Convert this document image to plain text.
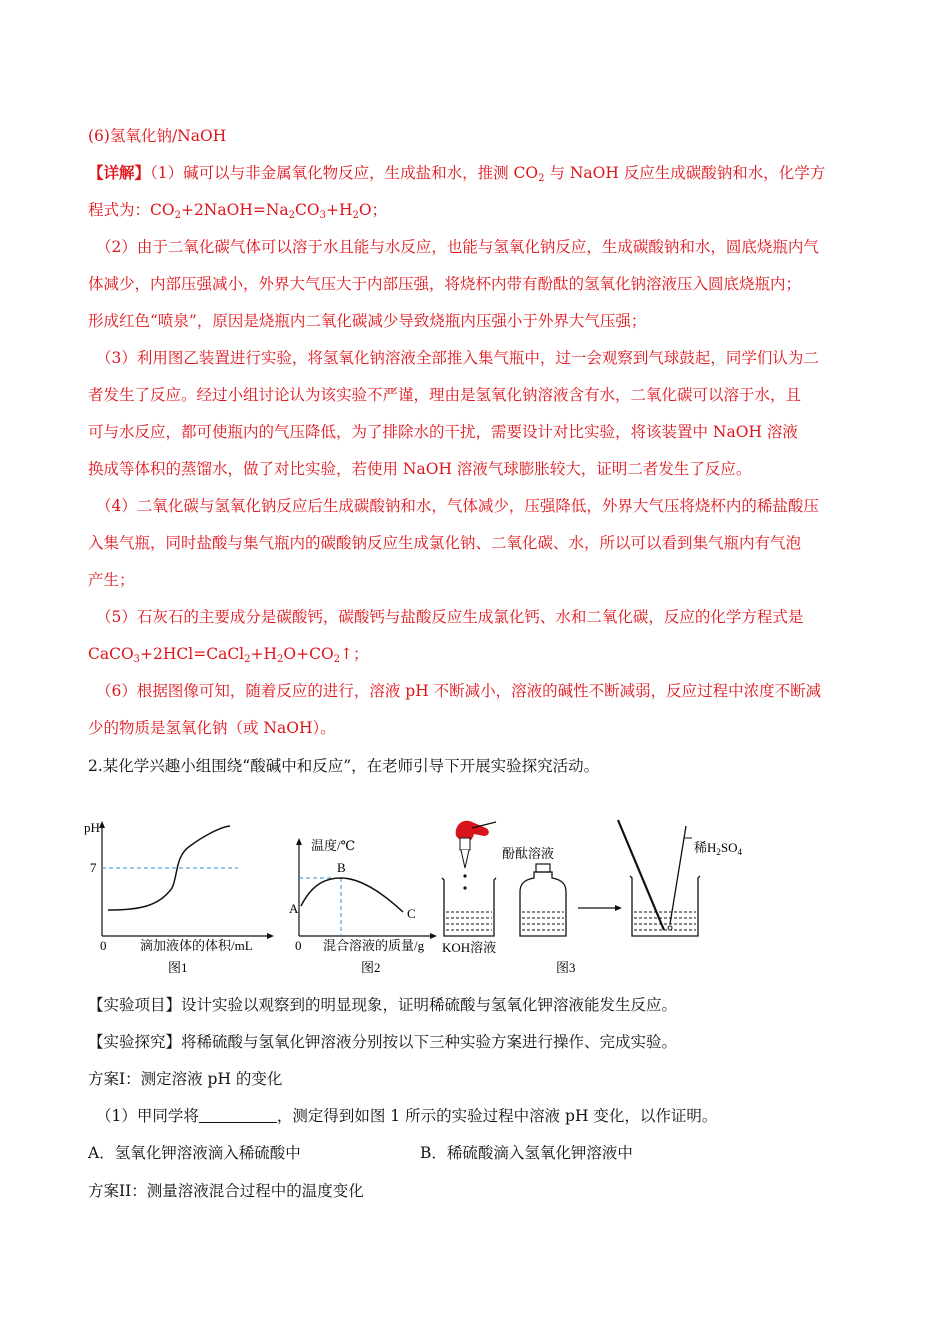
(6)氢氧化钠/NaOH
【详解】（1）碱可以与非金属氧化物反应，生成盐和水，推测 $CO_2$ 与 NaOH 反应生成碳酸钠和水，化学方
程式为：$CO_2+2NaOH=Na_2CO_3+H_2O$；
（2）由于二氧化碳气体可以溶于水且能与水反应，也能与氢氧化钠反应，生成碳酸钠和水，圆底烧瓶内气
体减少，内部压强减小，外界大气压大于内部压强，将烧杯内带有酚酞的氢氧化钠溶液压入圆底烧瓶内；
形成红色“喷泉”，原因是烧瓶内二氧化碳减少导致烧瓶内压强小于外界大气压强；
（3）利用图乙装置进行实验，将氢氧化钠溶液全部推入集气瓶中，过一会观察到气球鼓起，同学们认为二
者发生了反应。经过小组讨论认为该实验不严谨，理由是氢氧化钠溶液含有水，二氧化碳可以溶于水，且
可与水反应，都可使瓶内的气压降低，为了排除水的干扰，需要设计对比实验，将该装置中 NaOH 溶液
换成等体积的蒸馏水，做了对比实验，若使用 NaOH 溶液气球膨胀较大，证明二者发生了反应。
（4）二氧化碳与氢氧化钠反应后生成碳酸钠和水，气体减少，压强降低，外界大气压将烧杯内的稀盐酸压
入集气瓶，同时盐酸与集气瓶内的碳酸钠反应生成氯化钠、二氧化碳、水，所以可以看到集气瓶内有气泡
产生；
（5）石灰石的主要成分是碳酸钙，碳酸钙与盐酸反应生成氯化钙、水和二氧化碳，反应的化学方程式是
$CaCO_3+2HCl=CaCl_2+H_2O+CO_2↑$；
（6）根据图像可知，随着反应的进行，溶液 pH 不断减小，溶液的碱性不断减弱，反应过程中浓度不断减
少的物质是氢氧化钠（或 NaOH）。
2.某化学兴趣小组围绕“酸碱中和反应”，在老师引导下开展实验探究活动。
pH
7
0	滴加液体的体积/mL
图1
温度/℃
B
A	C
0 混合溶液的质量/g
图2
酚酞溶液
KOH溶液
稀$H_2SO_4$
图3
【实验项目】设计实验以观察到的明显现象，证明稀硫酸与氢氧化钾溶液能发生反应。
【实验探究】将稀硫酸与氢氧化钾溶液分别按以下三种实验方案进行操作、完成实验。
方案I：测定溶液 pH 的变化
（1）甲同学将	，测定得到如图 1 所示的实验过程中溶液 pH 变化，以作证明。
A．氢氧化钾溶液滴入稀硫酸中	B．稀硫酸滴入氢氧化钾溶液中
方案II：测量溶液混合过程中的温度变化
